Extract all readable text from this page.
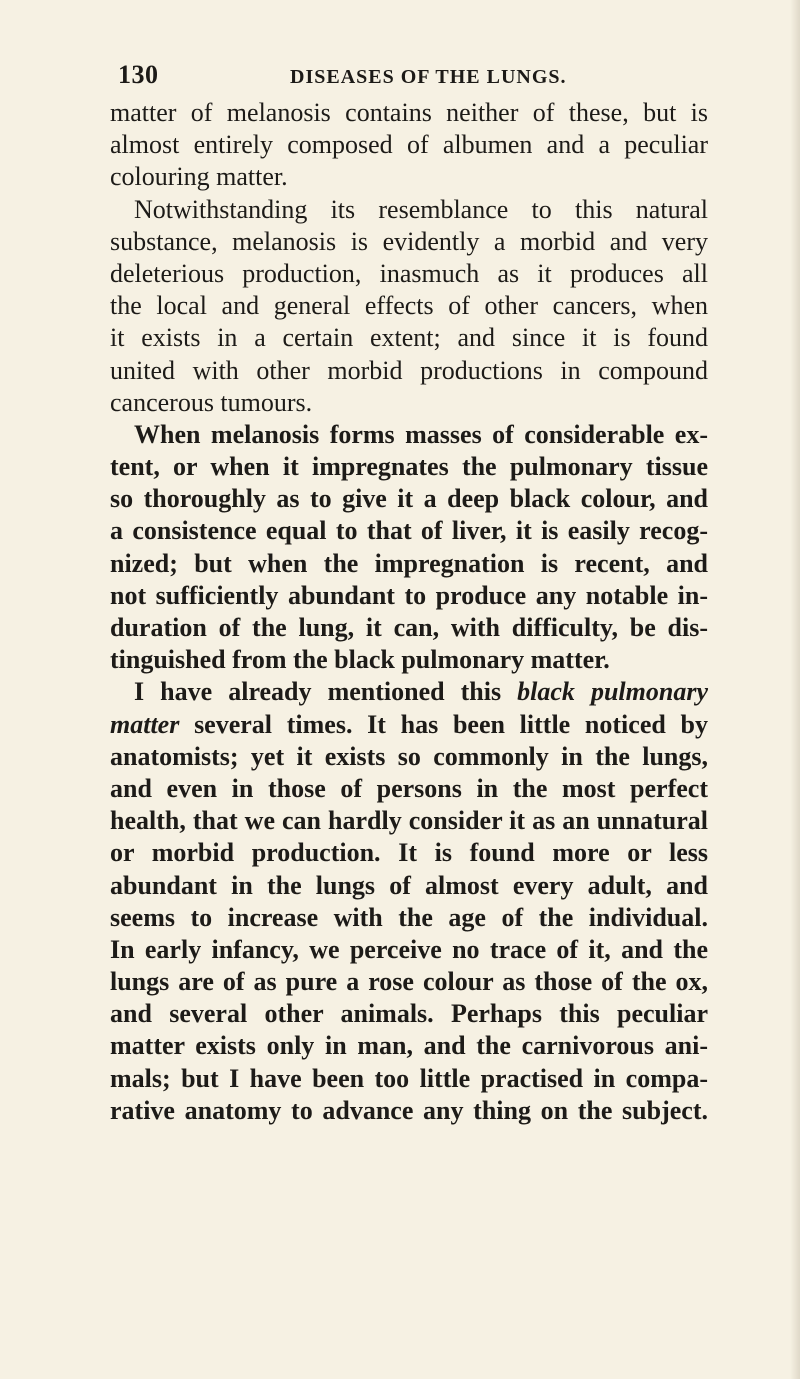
130	DISEASES OF THE LUNGS.
matter of melanosis contains neither of these, but is
almost entirely composed of albumen and a peculiar
colouring matter.
Notwithstanding its resemblance to this natural
substance, melanosis is evidently a morbid and very
deleterious production, inasmuch as it produces all
the local and general effects of other cancers, when
it exists in a certain extent; and since it is found
united with other morbid productions in compound
cancerous tumours.
When melanosis forms masses of considerable ex-
tent, or when it impregnates the pulmonary tissue
so thoroughly as to give it a deep black colour, and
a consistence equal to that of liver, it is easily recog-
nized; but when the impregnation is recent, and
not sufficiently abundant to produce any notable in-
duration of the lung, it can, with difficulty, be dis-
tinguished from the black pulmonary matter.
I have already mentioned this black pulmonary
matter several times. It has been little noticed by
anatomists; yet it exists so commonly in the lungs,
and even in those of persons in the most perfect
health, that we can hardly consider it as an unnatural
or morbid production. It is found more or less
abundant in the lungs of almost every adult, and
seems to increase with the age of the individual.
In early infancy, we perceive no trace of it, and the
lungs are of as pure a rose colour as those of the ox,
and several other animals. Perhaps this peculiar
matter exists only in man, and the carnivorous ani-
mals; but I have been too little practised in compa-
rative anatomy to advance any thing on the subject.
